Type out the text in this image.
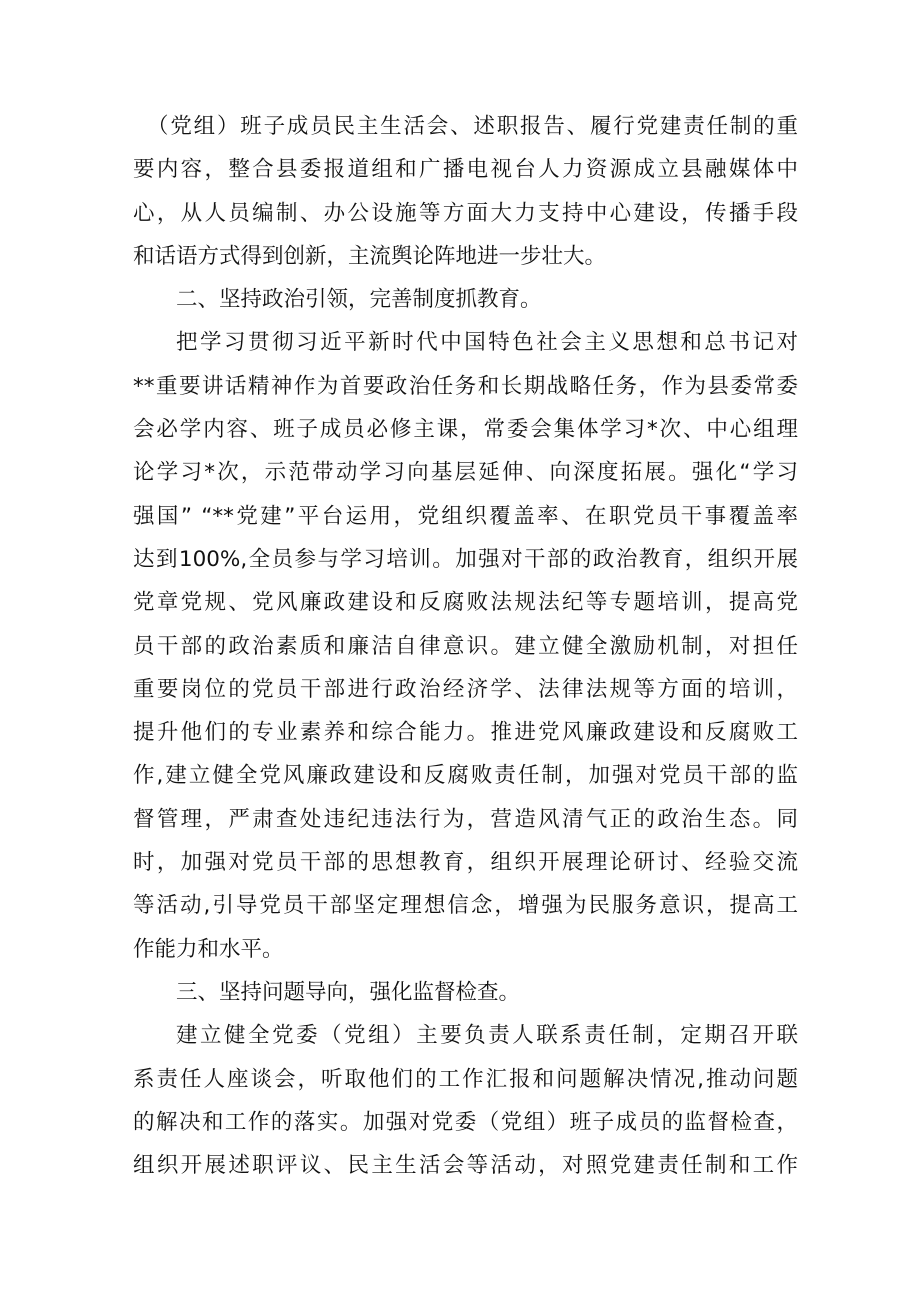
（党组）班子成员民主生活会、述职报告、履行党建责任制的重
要内容，整合县委报道组和广播电视台人力资源成立县融媒体中
心，从人员编制、办公设施等方面大力支持中心建设，传播手段
和话语方式得到创新，主流舆论阵地进一步壮大。
二、坚持政治引领，完善制度抓教育。
把学习贯彻习近平新时代中国特色社会主义思想和总书记对
**重要讲话精神作为首要政治任务和长期战略任务，作为县委常委
会必学内容、班子成员必修主课，常委会集体学习*次、中心组理
论学习*次，示范带动学习向基层延伸、向深度拓展。强化“学习
强国” “**党建”平台运用，党组织覆盖率、在职党员干事覆盖率
达到100%,全员参与学习培训。加强对干部的政治教育，组织开展
党章党规、党风廉政建设和反腐败法规法纪等专题培训，提高党
员干部的政治素质和廉洁自律意识。建立健全激励机制，对担任
重要岗位的党员干部进行政治经济学、法律法规等方面的培训，
提升他们的专业素养和综合能力。推进党风廉政建设和反腐败工
作,建立健全党风廉政建设和反腐败责任制，加强对党员干部的监
督管理，严肃查处违纪违法行为，营造风清气正的政治生态。同
时，加强对党员干部的思想教育，组织开展理论研讨、经验交流
等活动,引导党员干部坚定理想信念，增强为民服务意识，提高工
作能力和水平。
三、坚持问题导向，强化监督检查。
建立健全党委（党组）主要负责人联系责任制，定期召开联
系责任人座谈会，听取他们的工作汇报和问题解决情况,推动问题
的解决和工作的落实。加强对党委（党组）班子成员的监督检查，
组织开展述职评议、民主生活会等活动，对照党建责任制和工作
